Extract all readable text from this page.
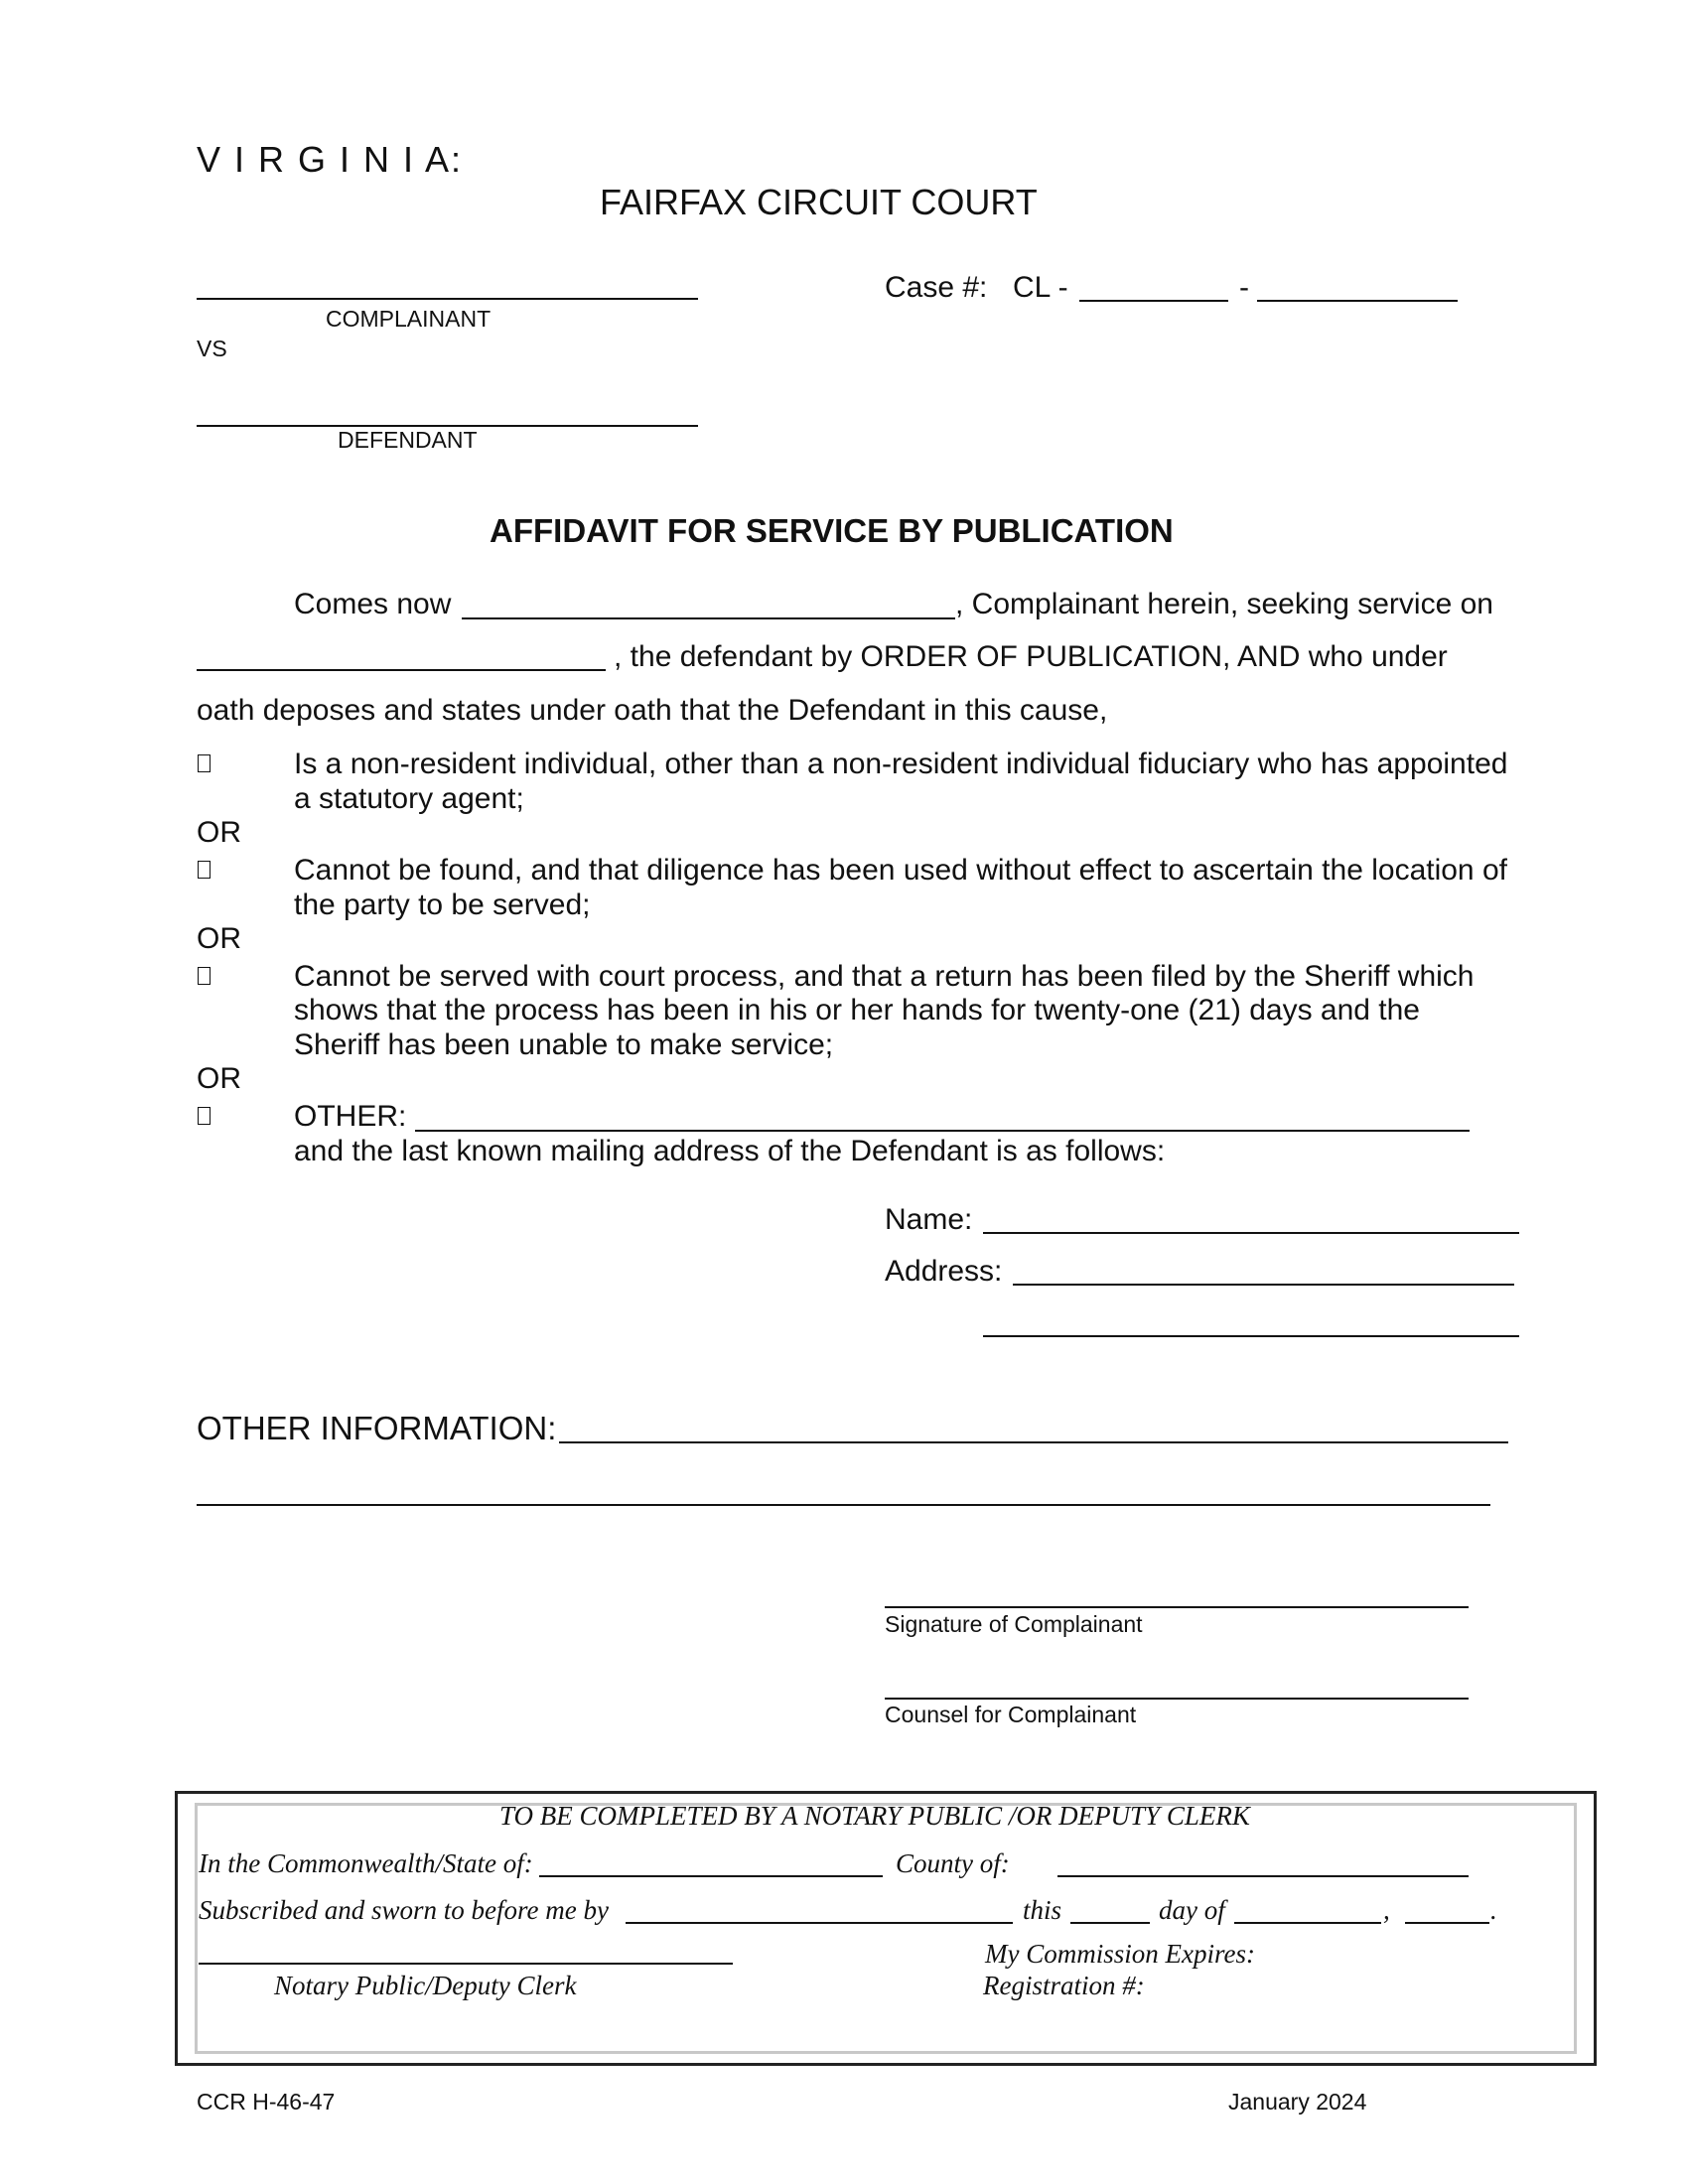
V I R G I N I A:
FAIRFAX CIRCUIT COURT
COMPLAINANT
VS
DEFENDANT
Case #: CL -	-
AFFIDAVIT FOR SERVICE BY PUBLICATION
Comes now	, Complainant herein, seeking service on
, the defendant by ORDER OF PUBLICATION, AND who under
oath deposes and states under oath that the Defendant in this cause,
Is a non-resident individual, other than a non-resident individual fiduciary who has appointed
a statutory agent;
OR
Cannot be found, and that diligence has been used without effect to ascertain the location of
the party to be served;
OR
Cannot be served with court process, and that a return has been filed by the Sheriff which
shows that the process has been in his or her hands for twenty-one (21) days and the
Sheriff has been unable to make service;
OR
OTHER:
and the last known mailing address of the Defendant is as follows:
Name:
Address:
OTHER INFORMATION:
Signature of Complainant
Counsel for Complainant
TO BE COMPLETED BY A NOTARY PUBLIC /OR DEPUTY CLERK
In the Commonwealth/State of:	County of:
Subscribed and sworn to before me by	this	day of	,	.
Notary Public/Deputy Clerk
My Commission Expires:
Registration #:
CCR H-46-47	January 2024
